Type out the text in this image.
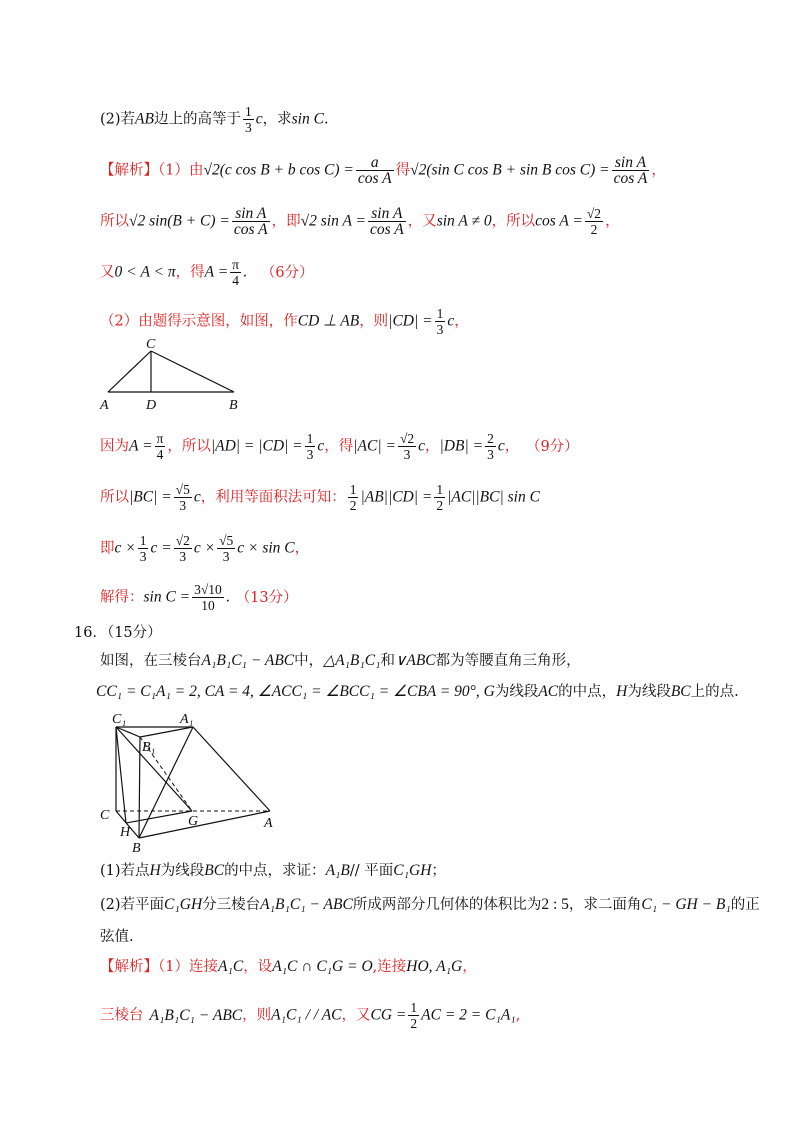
(2)若AB边上的高等于 $\frac{1}{3}$ c，求sin C.
【解析】（1）由√2(c cos B + b $\cos C) = \frac{a}{\text{cos A}}$ 得√2(sin C cos B + sin B $\cos C) = \frac{\text{sin A}}{\text{cos A}}$ ，
所以√2 $\sin(B + C) = \frac{\text{sin A}}{\text{cos A}}$ ，即√2 $\sin A = \frac{\text{sin A}}{\text{cos A}}$ ，又sin A ≠ 0，所以$\cos A = \frac{√2}{2}$ ，
又0 < A < π，得$A = \frac{\pi}{4}$ . （6分）
（2）由题得示意图，如图，作CD ⊥ AB，则$|CD| = \frac{1}{3}$ c，
C
A	D	B
因为$A = \frac{\pi}{4}$ ，所以$|AD| = |CD| = \frac{1}{3}$ c，得$|AC| = \frac{√2}{3}$ c，$|DB| = \frac{2}{3}$ c， （9分）
所以$|BC| = \frac{√5}{3}$ c，利用等面积法可知： $\frac{1}{2} |AB||CD| = \frac{1}{2} |AC||BC|$ sin C
即$c \times \frac{1}{3}$ $c = \frac{√2}{3}$ $c \times \frac{√5}{3}$ c × sin C，
解得：$\sin C = \frac{3√10}{10}$ . （13分）
16．（15分）
如图，在三棱台A₁B₁C₁ − ABC中，△A₁B₁C₁和∨ABC都为等腰直角三角形，
CC₁ = C₁A₁ = 2, CA = 4, ∠ACC₁ = ∠BCC₁ = ∠CBA = 90°, G为线段AC的中点，H为线段BC上的点.
C₁	A₁
B₁
C	G	A
H
B
(1)若点H为线段BC的中点，求证：A₁B// 平面C₁GH；
(2)若平面C₁GH分三棱台A₁B₁C₁ − ABC所成两部分几何体的体积比为2 : 5，求二面角C₁ − GH − B₁的正
弦值.
【解析】（1）连接A₁C，设A₁C ∩ C₁G = O,连接HO, A₁G，
三棱台 A₁B₁C₁ − ABC，则A₁C₁ / / AC，又CG = $\frac{1}{2}$ AC = 2 = C₁A₁,
